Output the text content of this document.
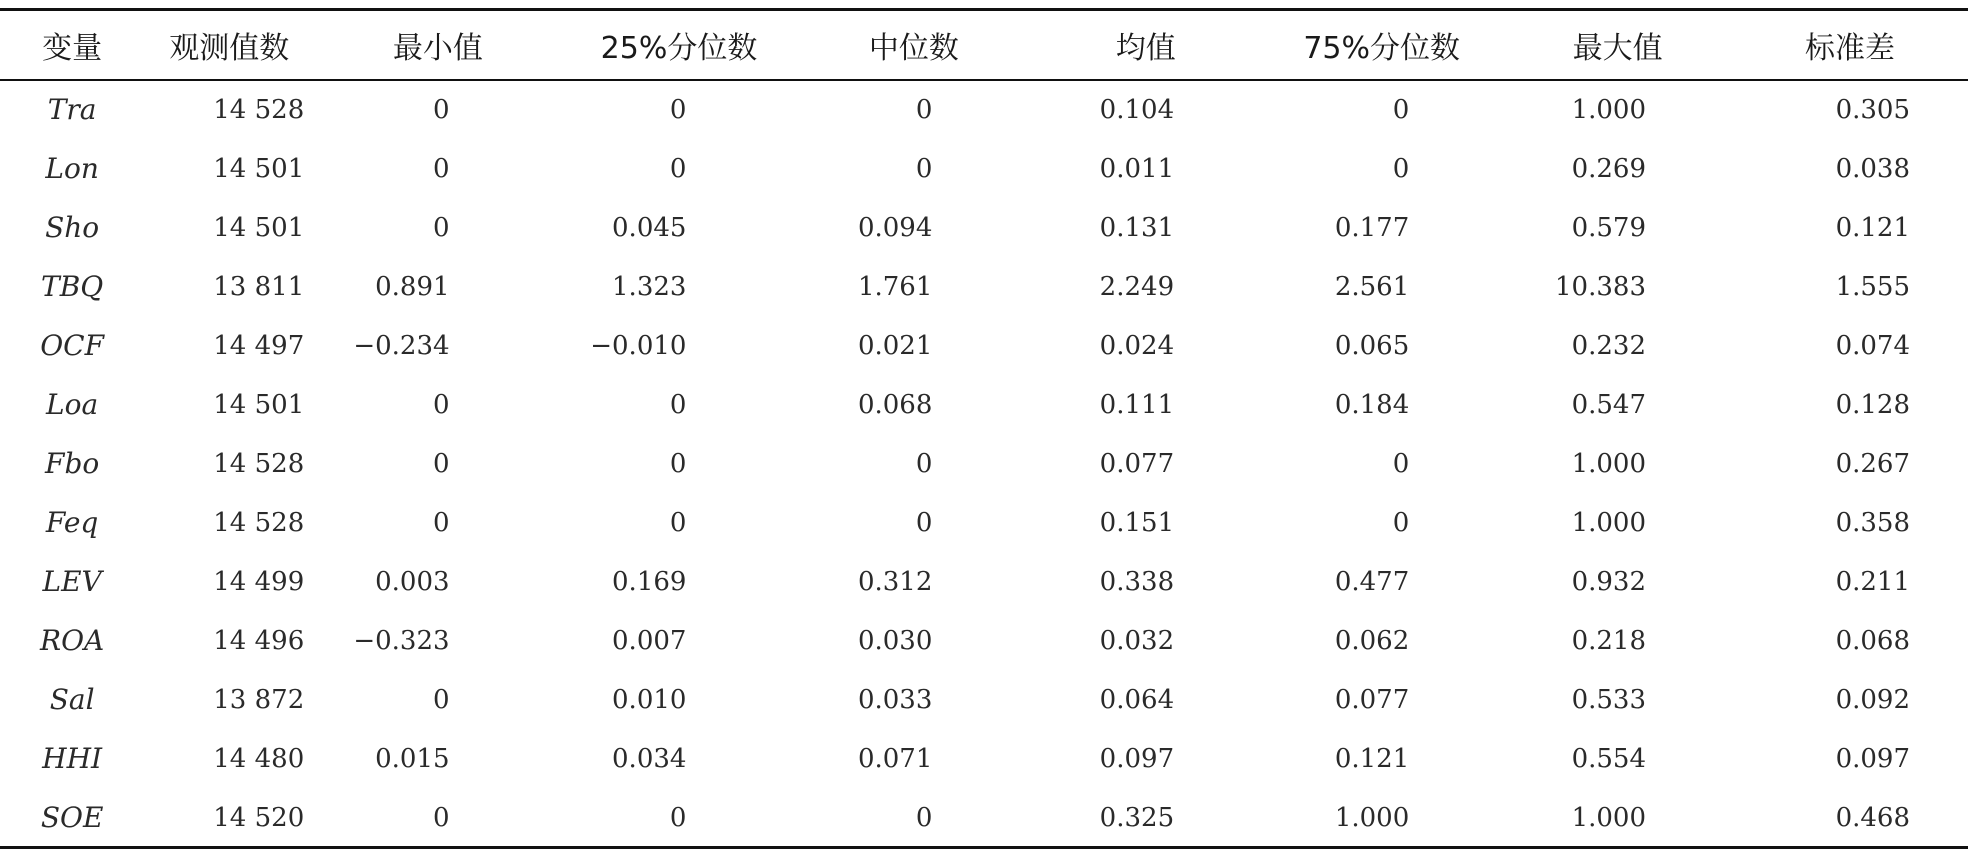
变量	观测值数	最小值	25%分位数	中位数	均值	75%分位数	最大值	标准差
Tra	14 528	0	0	0	0.104	0	1.000	0.305
Lon	14 501	0	0	0	0.011	0	0.269	0.038
Sho	14 501	0	0.045	0.094	0.131	0.177	0.579	0.121
TBQ	13 811	0.891	1.323	1.761	2.249	2.561	10.383	1.555
OCF	14 497	−0.234	−0.010	0.021	0.024	0.065	0.232	0.074
Loa	14 501	0	0	0.068	0.111	0.184	0.547	0.128
Fbo	14 528	0	0	0	0.077	0	1.000	0.267
Feq	14 528	0	0	0	0.151	0	1.000	0.358
LEV	14 499	0.003	0.169	0.312	0.338	0.477	0.932	0.211
ROA	14 496	−0.323	0.007	0.030	0.032	0.062	0.218	0.068
Sal	13 872	0	0.010	0.033	0.064	0.077	0.533	0.092
HHI	14 480	0.015	0.034	0.071	0.097	0.121	0.554	0.097
SOE	14 520	0	0	0	0.325	1.000	1.000	0.468
